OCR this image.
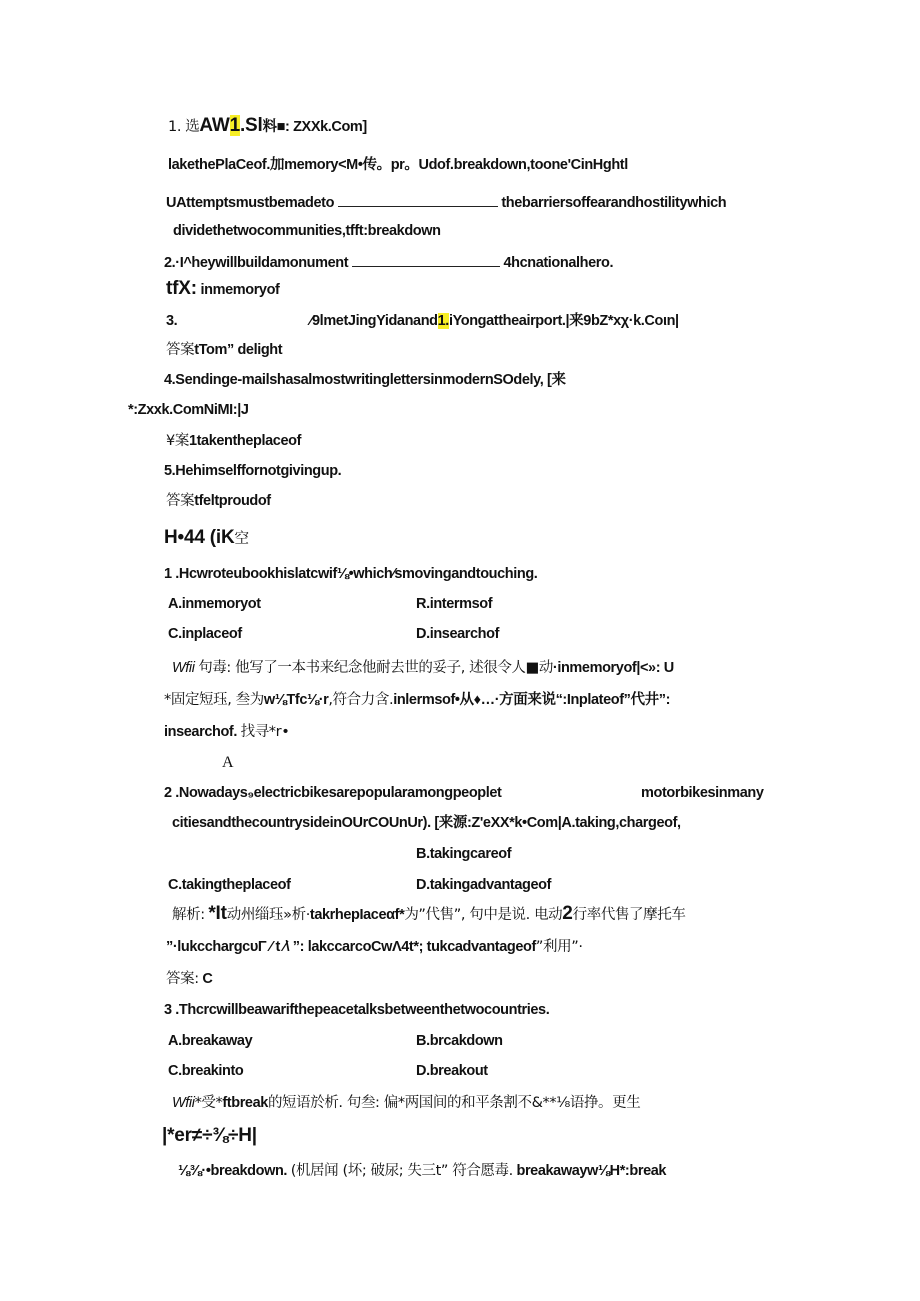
1. 选AW1.Sl料■: ZXXk.Com]
lakethePlaCeof.加memory<M•传。pr。Udof.breakdown,toone'CinHghtl
UAttemptsmustbemadeto	thebarriersoffearandhostilitywhich
dividethetwocommunities,tfft:breakdown
2.·I^heywillbuildamonument	4hcnationalhero.
tfX: inmemoryof
3.	⁄9lmetJingYidanand1.iYongattheairport.|来9bZ*xχ·k.Coιn|
答案tTom” delight
4.Sendinge-mailshasalmostwritinglettersinmodernSOdely, [来
*:Zxxk.ComNiMI:|J
¥案1takentheplaceof
5.Hehimselffornotgivingup.
答案tfeltproudof
H•44 (iK空
1 .Hcwroteubookhislatcwif⅛•which∕smovingandtouching.
A.inmemoryot	R.intermsof
C.inplaceof	D.insearchof
Wfii 句毒: 他写了一本书来纪念他耐去世的妥子, 述很令人■动·inmemoryof|<»: U
*固定短珏, 叁为w⅛Tfc⅛·r,符合力含.inlermsof•从♦…·方面来说“:Inplateof”代井”:
insearchof. 找寻*r•
A
2 .Nowadays₉electricbikesarepopularamongpeoplet	motorbikesinmany
citiesandthecountrysideinOUrCOUnUr). [来源:Z'eXX*k•Com|A.taking,chargeof,
B.takingcareof
C.takingtheplaceof	D.takingadvantageof
解析: *It动州缁珏»析·takrhepIaceαf*为”代售”, 句中是说. 电动2行率代售了摩托车
”·lukcchargcυΓ ⁄ t ⁄\ ”: lakccarcoCwΛ4t*; tukcadvantageof”利用”·
答案: C
3 .Thcrcwillbeawarifthepeacetalksbetweenthetwocountries.
A.breakaway	B.brcakdown
C.breakinto	D.breakout
Wfii*受*ftbreak的短语於析. 句叁: 偏*两国间的和平条割不&**⅛语挣。更生
|*er≠÷⅜÷H|
⅛⅜·•breakdown. (机居闻 (坏; 破尿; 失三t” 符合愿毒. breakawayw⅛H*:break
